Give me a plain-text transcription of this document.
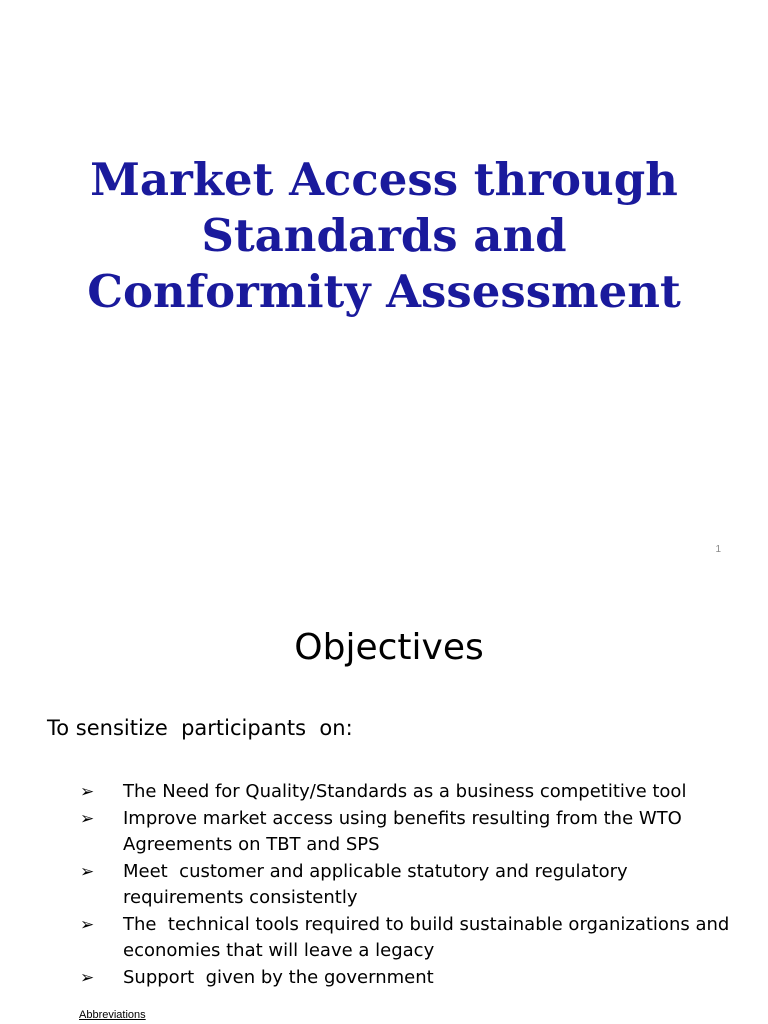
Market Access through
Standards and
Conformity Assessment
1
Objectives

To sensitize  participants  on:

➢ The Need for Quality/Standards as a business competitive tool
➢ Improve market access using benefits resulting from the WTO Agreements on TBT and SPS
➢ Meet  customer and applicable statutory and regulatory requirements consistently
➢ The  technical tools required to build sustainable organizations and economies that will leave a legacy
➢ Support  given by the government
Abbreviations
